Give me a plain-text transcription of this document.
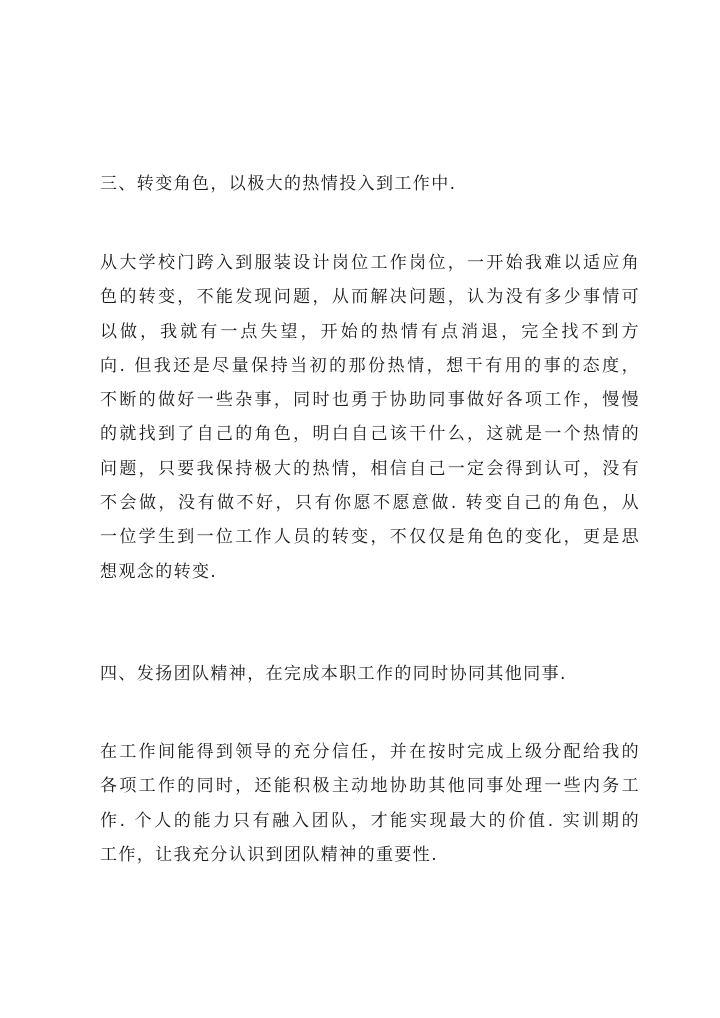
三、转变角色，以极大的热情投入到工作中.
从大学校门跨入到服装设计岗位工作岗位，一开始我难以适应角
色的转变，不能发现问题，从而解决问题，认为没有多少事情可
以做，我就有一点失望，开始的热情有点消退，完全找不到方
向. 但我还是尽量保持当初的那份热情，想干有用的事的态度，
不断的做好一些杂事，同时也勇于协助同事做好各项工作，慢慢
的就找到了自己的角色，明白自己该干什么，这就是一个热情的
问题，只要我保持极大的热情，相信自己一定会得到认可，没有
不会做，没有做不好，只有你愿不愿意做. 转变自己的角色，从
一位学生到一位工作人员的转变，不仅仅是角色的变化，更是思
想观念的转变.
四、发扬团队精神，在完成本职工作的同时协同其他同事.
在工作间能得到领导的充分信任，并在按时完成上级分配给我的
各项工作的同时，还能积极主动地协助其他同事处理一些内务工
作. 个人的能力只有融入团队，才能实现最大的价值. 实训期的
工作，让我充分认识到团队精神的重要性.
